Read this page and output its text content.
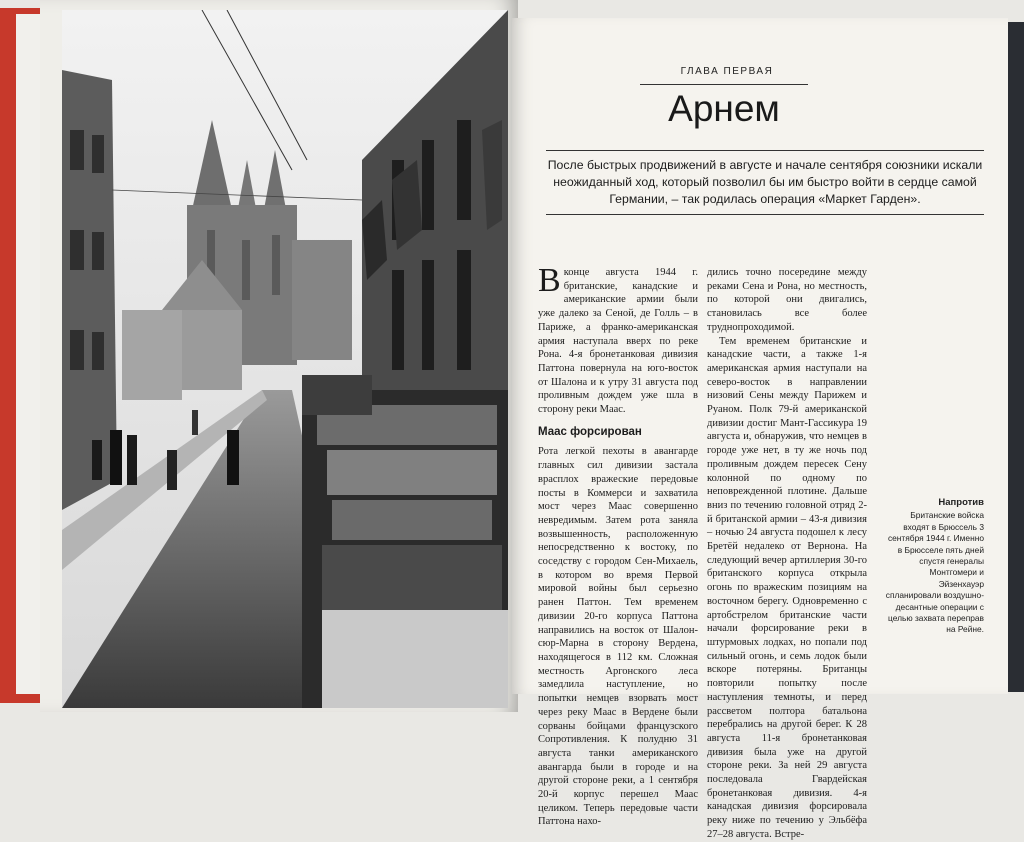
ГЛАВА ПЕРВАЯ
Арнем
После быстрых продвижений в августе и начале сентября союзники искали неожиданный ход, который позволил бы им быстро войти в сердце самой Германии, – так родилась операция «Маркет Гарден».

Вконце августа 1944 г. британские, канадские и американские армии были уже далеко за Сеной, де Голль – в Париже, а франко-американская армия наступала вверх по реке Рона. 4-я бронетанковая дивизия Паттона повернула на юго-восток от Шалона и к утру 31 августа под проливным дождем уже шла в сторону реки Маас.

Маас форсирован

Рота легкой пехоты в авангарде главных сил дивизии застала врасплох вражеские передовые посты в Коммерси и захватила мост через Маас совершенно невредимым. Затем рота заняла возвышенность, расположенную непосредственно к востоку, по соседству с городом Сен-Михаель, в котором во время Первой мировой войны был серьезно ранен Паттон. Тем временем дивизии 20-го корпуса Паттона направились на восток от Шалон-сюр-Марна в сторону Вердена, находящегося в 112 км. Сложная местность Аргонского леса замедлила наступление, но попытки немцев взорвать мост через реку Маас в Вердене были сорваны бойцами французского Сопротивления. К полудню 31 августа танки американского авангарда были в городе и на другой стороне реки, а 1 сентября 20-й корпус перешел Маас целиком. Теперь передовые части Паттона нахо-

дились точно посередине между реками Сена и Рона, но местность, по которой они двигались, становилась все более труднопроходимой.

Тем временем британские и канадские части, а также 1-я американская армия наступали на северо-восток в направлении низовий Сены между Парижем и Руаном. Полк 79-й американской дивизии достиг Мант-Гассикура 19 августа и, обнаружив, что немцев в городе уже нет, в ту же ночь под проливным дождем пересек Сену колонной по одному по неповрежденной плотине. Дальше вниз по течению головной отряд 2-й британской армии – 43-я дивизия – ночью 24 августа подошел к лесу Бретёй недалеко от Вернона. На следующий вечер артиллерия 30-го британского корпуса открыла огонь по вражеским позициям на восточном берегу. Одновременно с артобстрелом британские части начали форсирование реки в штурмовых лодках, но попали под сильный огонь, и семь лодок были вскоре потеряны. Британцы повторили попытку после наступления темноты, и перед рассветом полтора батальона перебрались на другой берег. К 28 августа 11-я бронетанковая дивизия была уже на другой стороне реки. За ней 29 августа последовала Гвардейская бронетанковая дивизия. 4-я канадская дивизия форсировала реку ниже по течению у Эльбёфа 27–28 августа. Встре-

Напротив
Британские войска входят в Брюссель 3 сентября 1944 г. Именно в Брюсселе пять дней спустя генералы Монтгомери и Эйзенхауэр спланировали воздушно-десантные операции с целью захвата переправ на Рейне.
